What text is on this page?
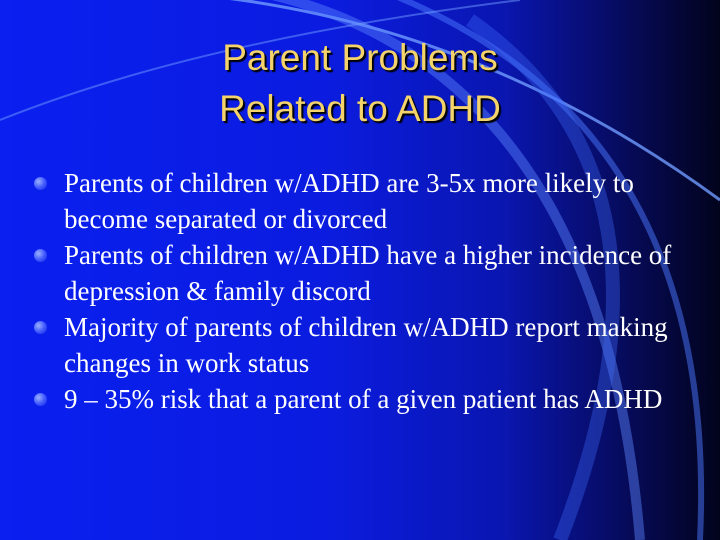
Parent Problems
Related to ADHD
Parents of children w/ADHD are 3-5x more likely to become separated or divorced
Parents of children w/ADHD have a higher incidence of depression & family discord
Majority of parents of children w/ADHD report making changes in work status
9 – 35% risk that a parent of a given patient has ADHD
